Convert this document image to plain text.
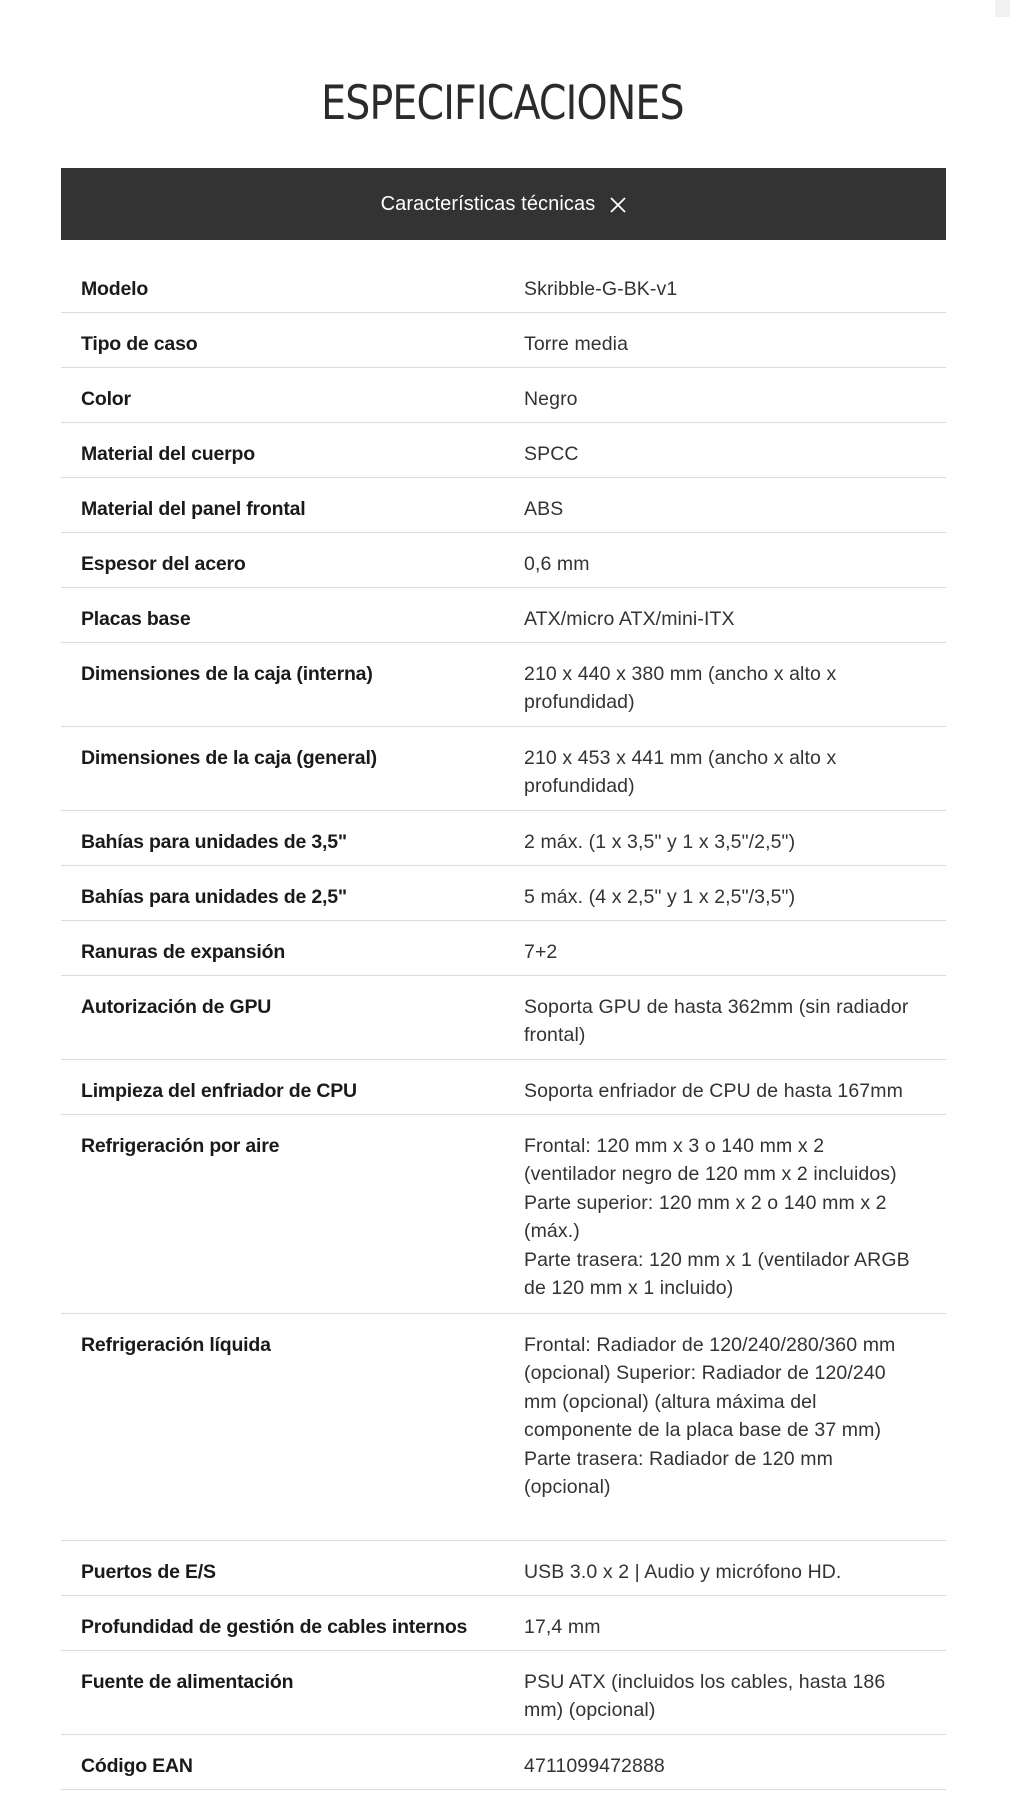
ESPECIFICACIONES
Características técnicas
Modelo	Skribble-G-BK-v1
Tipo de caso	Torre media
Color	Negro
Material del cuerpo	SPCC
Material del panel frontal	ABS
Espesor del acero	0,6 mm
Placas base	ATX/micro ATX/mini-ITX
Dimensiones de la caja (interna)	210 x 440 x 380 mm (ancho x alto x
profundidad)
Dimensiones de la caja (general)	210 x 453 x 441 mm (ancho x alto x
profundidad)
Bahías para unidades de 3,5"	2 máx. (1 x 3,5" y 1 x 3,5"/2,5")
Bahías para unidades de 2,5"	5 máx. (4 x 2,5" y 1 x 2,5"/3,5")
Ranuras de expansión	7+2
Autorización de GPU	Soporta GPU de hasta 362mm (sin radiador
frontal)
Limpieza del enfriador de CPU	Soporta enfriador de CPU de hasta 167mm
Refrigeración por aire	Frontal: 120 mm x 3 o 140 mm x 2
(ventilador negro de 120 mm x 2 incluidos)
Parte superior: 120 mm x 2 o 140 mm x 2
(máx.)
Parte trasera: 120 mm x 1 (ventilador ARGB
de 120 mm x 1 incluido)
Refrigeración líquida	Frontal: Radiador de 120/240/280/360 mm
(opcional) Superior: Radiador de 120/240
mm (opcional) (altura máxima del
componente de la placa base de 37 mm)
Parte trasera: Radiador de 120 mm
(opcional)
Puertos de E/S	USB 3.0 x 2 | Audio y micrófono HD.
Profundidad de gestión de cables internos	17,4 mm
Fuente de alimentación	PSU ATX (incluidos los cables, hasta 186
mm) (opcional)
Código EAN	4711099472888
